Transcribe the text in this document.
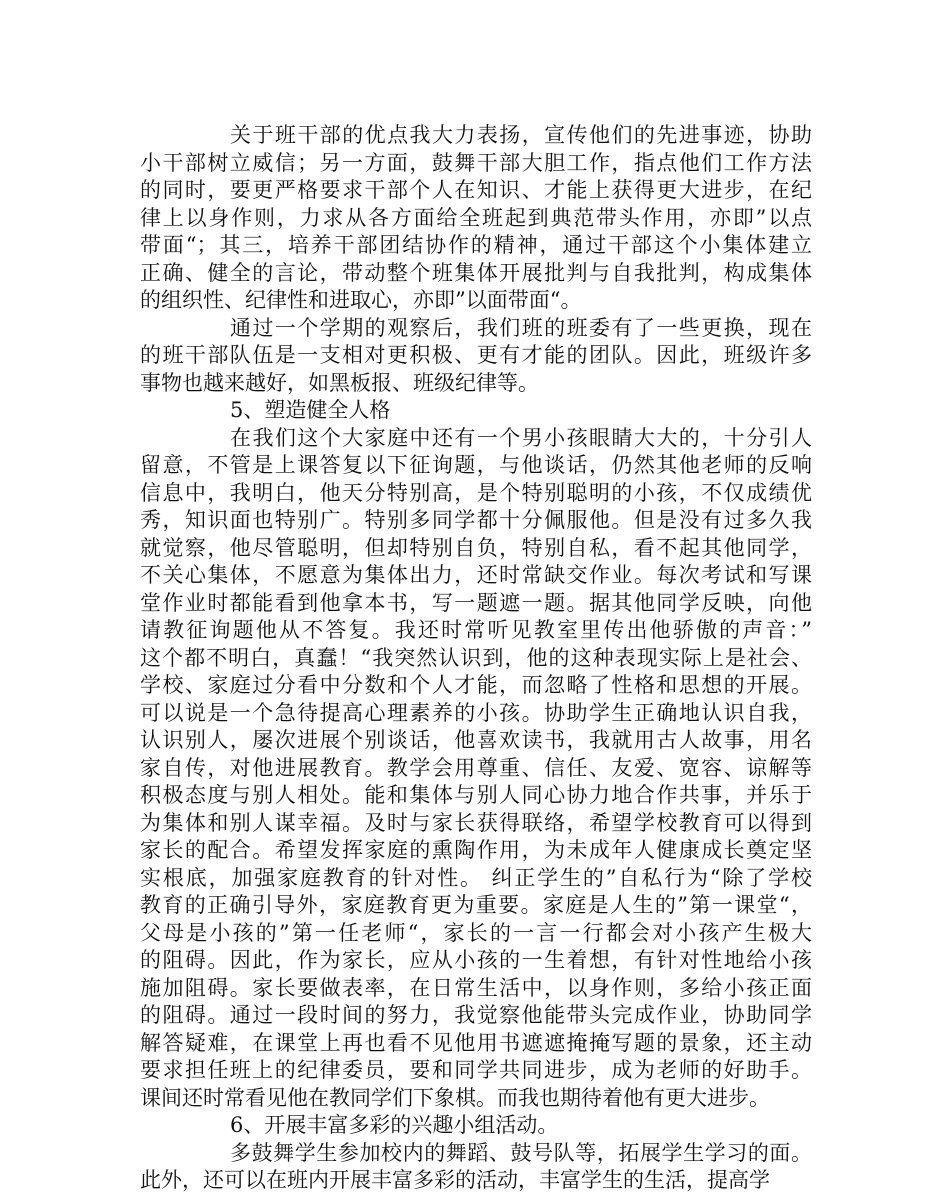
关于班干部的优点我大力表扬，宣传他们的先进事迹，协助
小干部树立威信；另一方面，鼓舞干部大胆工作，指点他们工作方法
的同时，要更严格要求干部个人在知识、才能上获得更大进步，在纪
律上以身作则，力求从各方面给全班起到典范带头作用，亦即”以点
带面“；其三，培养干部团结协作的精神，通过干部这个小集体建立
正确、健全的言论，带动整个班集体开展批判与自我批判，构成集体
的组织性、纪律性和进取心，亦即”以面带面“。
通过一个学期的观察后，我们班的班委有了一些更换，现在
的班干部队伍是一支相对更积极、更有才能的团队。因此，班级许多
事物也越来越好，如黑板报、班级纪律等。
5、塑造健全人格
在我们这个大家庭中还有一个男小孩眼睛大大的，十分引人
留意，不管是上课答复以下征询题，与他谈话，仍然其他老师的反响
信息中，我明白，他天分特别高，是个特别聪明的小孩，不仅成绩优
秀，知识面也特别广。特别多同学都十分佩服他。但是没有过多久我
就觉察，他尽管聪明，但却特别自负，特别自私，看不起其他同学，
不关心集体，不愿意为集体出力，还时常缺交作业。每次考试和写课
堂作业时都能看到他拿本书，写一题遮一题。据其他同学反映，向他
请教征询题他从不答复。我还时常听见教室里传出他骄傲的声音：”
这个都不明白，真蠢！“我突然认识到，他的这种表现实际上是社会、
学校、家庭过分看中分数和个人才能，而忽略了性格和思想的开展。
可以说是一个急待提高心理素养的小孩。协助学生正确地认识自我，
认识别人，屡次进展个别谈话，他喜欢读书，我就用古人故事，用名
家自传，对他进展教育。教学会用尊重、信任、友爱、宽容、谅解等
积极态度与别人相处。能和集体与别人同心协力地合作共事，并乐于
为集体和别人谋幸福。及时与家长获得联络，希望学校教育可以得到
家长的配合。希望发挥家庭的熏陶作用，为未成年人健康成长奠定坚
实根底，加强家庭教育的针对性。 纠正学生的”自私行为“除了学校
教育的正确引导外，家庭教育更为重要。家庭是人生的”第一课堂“，
父母是小孩的”第一任老师“，家长的一言一行都会对小孩产生极大
的阻碍。因此，作为家长，应从小孩的一生着想，有针对性地给小孩
施加阻碍。家长要做表率，在日常生活中，以身作则，多给小孩正面
的阻碍。通过一段时间的努力，我觉察他能带头完成作业，协助同学
解答疑难，在课堂上再也看不见他用书遮遮掩掩写题的景象，还主动
要求担任班上的纪律委员，要和同学共同进步，成为老师的好助手。
课间还时常看见他在教同学们下象棋。而我也期待着他有更大进步。
6、开展丰富多彩的兴趣小组活动。
多鼓舞学生参加校内的舞蹈、鼓号队等，拓展学生学习的面。
此外，还可以在班内开展丰富多彩的活动，丰富学生的生活，提高学
